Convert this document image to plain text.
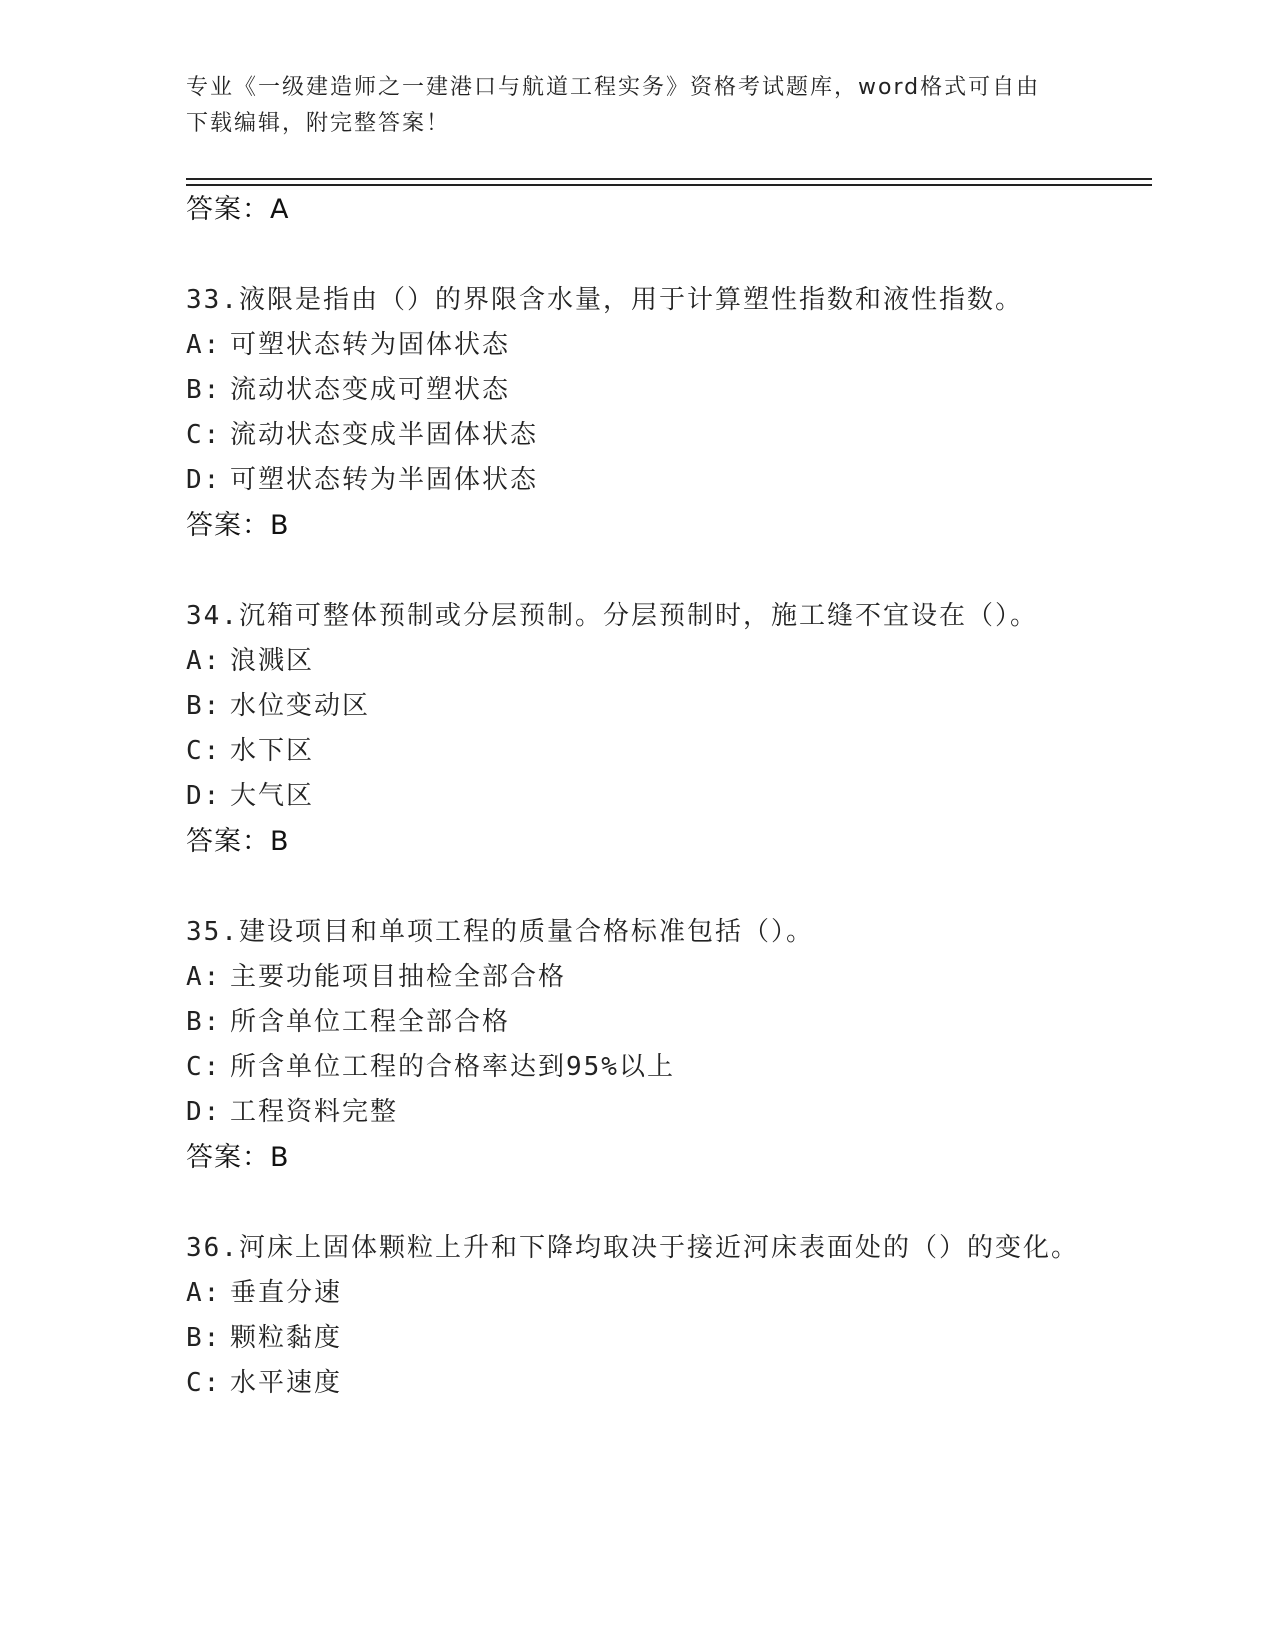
专业《一级建造师之一建港口与航道工程实务》资格考试题库，word格式可自由
下载编辑，附完整答案！
答案：A
33.液限是指由（）的界限含水量，用于计算塑性指数和液性指数。
A: 可塑状态转为固体状态
B: 流动状态变成可塑状态
C: 流动状态变成半固体状态
D: 可塑状态转为半固体状态
答案：B
34.沉箱可整体预制或分层预制。分层预制时，施工缝不宜设在（）。
A: 浪溅区
B: 水位变动区
C: 水下区
D: 大气区
答案：B
35.建设项目和单项工程的质量合格标准包括（）。
A: 主要功能项目抽检全部合格
B: 所含单位工程全部合格
C: 所含单位工程的合格率达到95%以上
D: 工程资料完整
答案：B
36.河床上固体颗粒上升和下降均取决于接近河床表面处的（）的变化。
A: 垂直分速
B: 颗粒黏度
C: 水平速度
